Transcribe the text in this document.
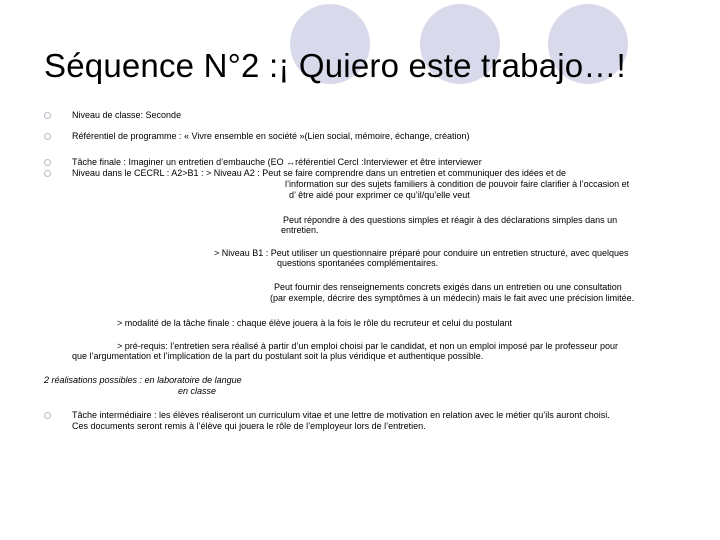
Séquence N°2 :¡ Quiero este trabajo…!
Niveau de classe: Seconde
Référentiel de programme : « Vivre ensemble en société »(Lien social, mémoire, échange, création)
Tâche finale : Imaginer un entretien d’embauche (EO ↔référentiel Cercl :Interviewer et être interviewer
Niveau dans le CECRL : A2>B1 : > Niveau A2 : Peut se faire comprendre dans un entretien et communiquer des idées et de
l’information sur des sujets familiers à condition de pouvoir faire clarifier à l’occasion et
d’ être aidé pour exprimer ce qu’il/qu’elle veut
Peut répondre à des questions simples et réagir à des déclarations simples dans un
entretien.
> Niveau B1 : Peut utiliser un questionnaire préparé pour conduire un entretien structuré, avec quelques
questions spontanées complémentaires.
Peut fournir des renseignements concrets exigés dans un entretien ou une consultation
(par exemple, décrire des symptômes à un médecin) mais le fait avec une précision limitée.
> modalité de la tâche finale : chaque élève jouera à la fois le rôle du recruteur et celui du postulant
> pré-requis: l’entretien sera réalisé à partir d’un emploi choisi par le candidat, et non un emploi imposé par le professeur pour
que l’argumentation et l’implication de la part du postulant soit la plus véridique et authentique possible.
2 réalisations possibles : en laboratoire de langue
en classe
Tâche intermédiaire : les élèves réaliseront un curriculum vitae et une lettre de motivation en relation avec le métier qu’ils auront choisi.
Ces documents seront remis à l’élève qui jouera le rôle de l’employeur lors de l’entretien.
